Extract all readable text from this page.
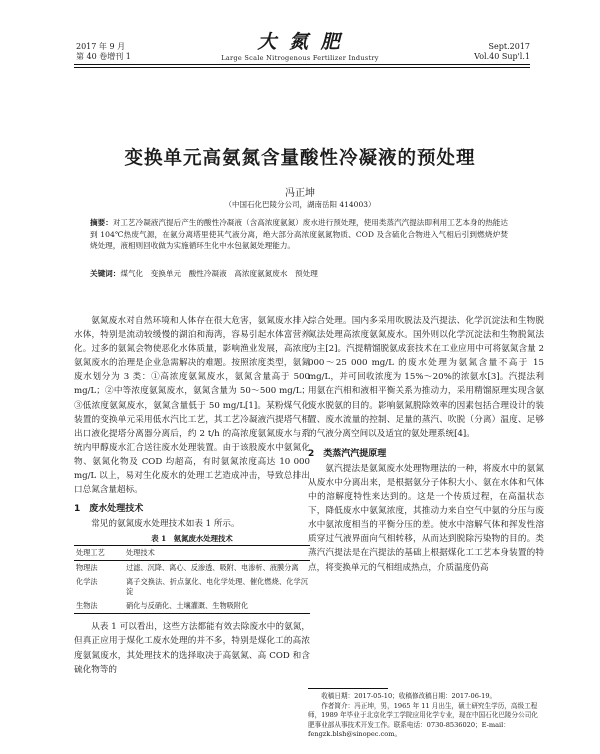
2017 年 9 月
第 40 卷增刊 1
大 氮 肥
Large Scale Nitrogenous Fertilizer Industry
Sept.2017
Vol.40 Sup'l.1
变换单元高氨氮含量酸性冷凝液的预处理
冯正坤
（中国石化巴陵分公司，湖南岳阳 414003）
摘要：对工艺冷凝液汽提后产生的酸性冷凝液（含高浓度氨氮）废水进行预处理，使用类蒸汽汽提法即利用工艺本身的热能达到 104℃热废气源，在氨分离塔里使其气液分离，绝大部分高浓度氨氮物质、COD 及含硫化合物进入气相后引到燃烧炉焚烧处理，液相则回收做为实施循环生化中水包氨氮处理能力。
关键词：煤气化　变换单元　酸性冷凝液　高浓度氨氮废水　预处理

氨氮废水对自然环境和人体存在很大危害，氨氮废水排入水体，特别是流动较缓慢的湖泊和海湾，容易引起水体富营养化。过多的氨氮会物使恶化水体质量，影响渔业发展，高浓度氨氮废水的治理是企业急需解决的难题。按照浓度类型，氨氮废水划分为 3 类：①高浓度氨氮废水，氨氮含量高于 500 mg/L；②中等浓度氨氮废水，氨氮含量为 50～500 mg/L；③低浓度氨氮废水，氨氮含量低于 50 mg/L[1]。某粉煤气化装置的变换单元采用低水汽比工艺，其工艺冷凝液汽提塔气相出口液化提塔分离器分离后，约 2 t/h 的高浓度氨氮废水与系统内甲醇废水汇合送往废水处理装置。由于该股废水中氨氮化物、氨氮化物及 COD 均超高，有时氨氮浓度高达 10 000 mg/L 以上，易对生化废水的处理工艺造成冲击，导致总排出口总氮含量超标。

1　废水处理技术

常见的氨氮废水处理技术如表 1 所示。

表 1　氨氮废水处理技术
处理工艺	处理技术
物理法	过滤、沉降、离心、反渗透、吸附、电渗析、液膜分离
化学法	离子交换法、折点氯化、电化学处理、催化燃烧、化学沉淀
生物法	硝化与反硝化、土壤灌溉、生物吸附化

从表 1 可以看出，这些方法都能有效去除废水中的氨氮，但真正应用于煤化工废水处理的并不多，特别是煤化工的高浓度氨氮废水，其处理技术的选择取决于高氨氮、高 COD 和含硫化物等的

综合处理。国内多采用吹脱法及汽提法、化学沉淀法和生物脱氮法处理高浓度氨氮废水。国外则以化学沉淀法和生物脱氮法为主[2]。汽提精馏脱氨成套技术在工业应用中可将氨氮含量 2 000～25 000 mg/L 的废水处理为氨氮含量不高于 15 mg/L，并可回收浓度为 15%～20%的浓氨水[3]。汽提法利用氨在汽相和液相平衡关系为推动力，采用精馏原理实现含氨废水脱氨的目的。影响氨氮脱除效率的因素包括合理设计的装置、废水流量的控制、足量的蒸汽、吹脱（分离）温度、足够的气液分离空间以及适宜的氨处理系统[4]。

2　类蒸汽汽提原理

氨汽提法是氨氮废水处理物理法的一种，将废水中的氨氮从废水中分离出来，是根据氨分子体积大小、氨在水体和气体中的溶解度特性来达到的。这是一个传质过程，在高温状态下，降低废水中氨氮浓度，其推动力来自空气中氨的分压与废水中氨浓度相当的平衡分压的差。使水中溶解气体和挥发性溶质穿过气液界面向气相转移，从而达到脱除污染物的目的。类蒸汽汽提法是在汽提法的基础上根据煤化工工艺本身装置的特点，将变换单元的气相组成热点，介质温度仍高

收稿日期：2017-05-10；收稿修改稿日期：2017-06-19。
作者简介：冯正坤，男，1965 年 11 月出生，硕士研究生学历，高级工程师，1989 年毕业于北京化学工学院应用化学专业，现在中国石化巴陵分公司化肥事业部从事技术开发工作。联系电话：0730-8536020；E-mail：fengzk.blsh@sinopec.com。
